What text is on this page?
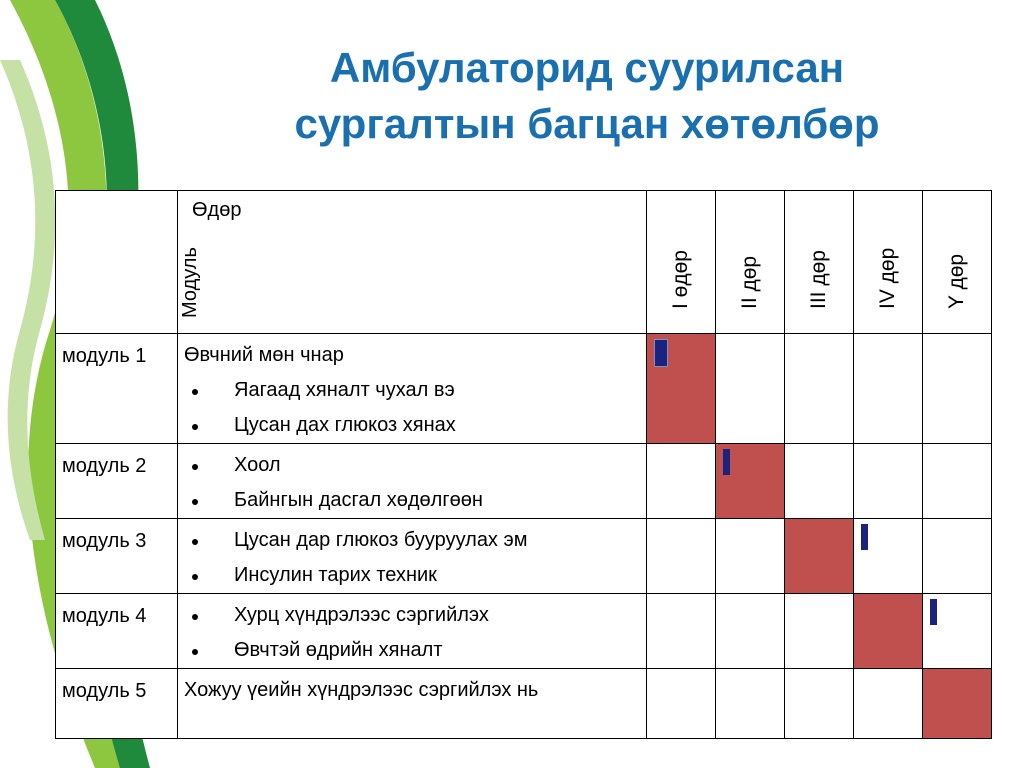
Амбулаторид суурилсан
сургалтын багцан хөтөлбөр

	Өдөр
Модуль	I өдөр	II дөр	III дөр	IV дөр	Y дөр

модуль 1	Өвчний мөн чнар
Яагаад хяналт чухал вэ
Цусан дах глюкоз хянах					

модуль 2	Хоол
Байнгын дасгал хөдөлгөөн					

модуль 3	Цусан дар глюкоз бууруулах эм
Инсулин тарих техник					

модуль 4	Хурц хүндрэлээс сэргийлэх
Өвчтэй өдрийн хяналт					

модуль 5	Хожуу үеийн хүндрэлээс сэргийлэх нь					
